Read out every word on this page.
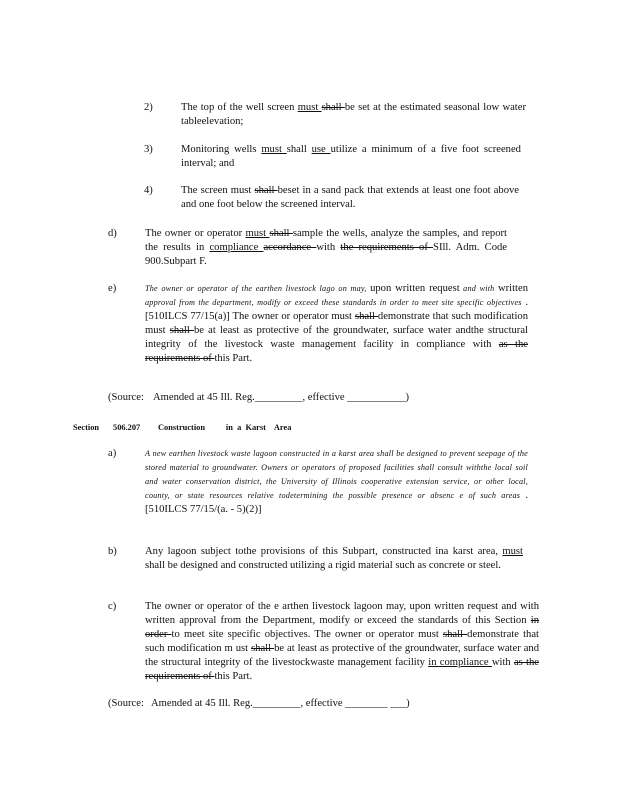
2)	The top of the well screen must shall be set at the estimated seasonal low water tableelevation;
3)	Monitoring wells must shall use utilize a minimum of a five foot screened interval; and
4)	The screen must shall beset in a sand pack that extends at least one foot above and one foot below the screened interval.
d)	The owner or operator must shall sample the wells, analyze the samples, and report the results in compliance accordance with the requirements of SIll. Adm. Code 900.Subpart F.
e)	The owner or operator of the earthen livestock lago on may, upon written request and with written approval from the department, modify or exceed these standards in order to meet site specific objectives . [510ILCS 77/15(a)] The owner or operator must shall demonstrate that such modification must shall be at least as protective of the groundwater, surface water andthe structural integrity of the livestock waste management facility in compliance with as the requirements of this Part.
(Source: Amended at 45 Ill. Reg._________, effective ___________)
Section 506.207 Construction          in  a  Karst    Area
a)	A new earthen livestock waste lagoon constructed in a karst area shall be designed to prevent seepage of the stored material to groundwater. Owners or operators of proposed facilities shall consult withthe local soil and water conservation district, the University of Illinois cooperative extension service, or other local, county, or state resources relative todetermining the possible presence or absenc e of such areas . [510ILCS 77/15/(a. - 5)(2)]
b)	Any lagoon subject tothe provisions of this Subpart, constructed ina karst area, must shall be designed and constructed utilizing a rigid material such as concrete or steel.
c)	The owner or operator of the e arthen livestock lagoon may, upon written request and with written approval from the Department, modify or exceed the standards of this Section in order to meet site specific objectives. The owner or operator must shall demonstrate that such modification m ust shall be at least as protective of the groundwater, surface water and the structural integrity of the livestockwaste management facility in compliance with as the requirements of this Part.
(Source: Amended at 45 Ill. Reg._________, effective ________ ___)
